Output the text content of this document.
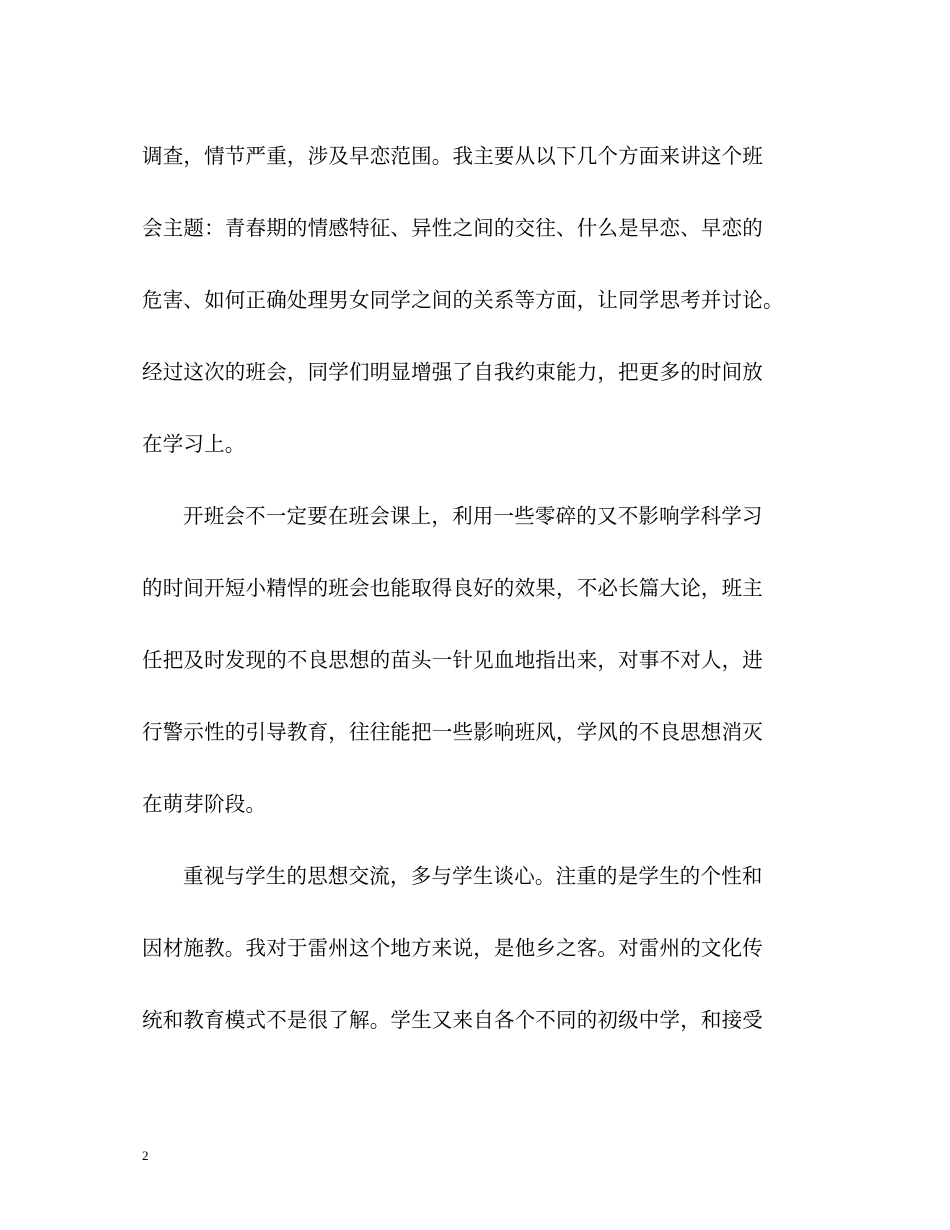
调查，情节严重，涉及早恋范围。我主要从以下几个方面来讲这个班
会主题：青春期的情感特征、异性之间的交往、什么是早恋、早恋的
危害、如何正确处理男女同学之间的关系等方面，让同学思考并讨论。
经过这次的班会，同学们明显增强了自我约束能力，把更多的时间放
在学习上。
开班会不一定要在班会课上，利用一些零碎的又不影响学科学习
的时间开短小精悍的班会也能取得良好的效果，不必长篇大论，班主
任把及时发现的不良思想的苗头一针见血地指出来，对事不对人，进
行警示性的引导教育，往往能把一些影响班风，学风的不良思想消灭
在萌芽阶段。
重视与学生的思想交流，多与学生谈心。注重的是学生的个性和
因材施教。我对于雷州这个地方来说，是他乡之客。对雷州的文化传
统和教育模式不是很了解。学生又来自各个不同的初级中学，和接受
2
